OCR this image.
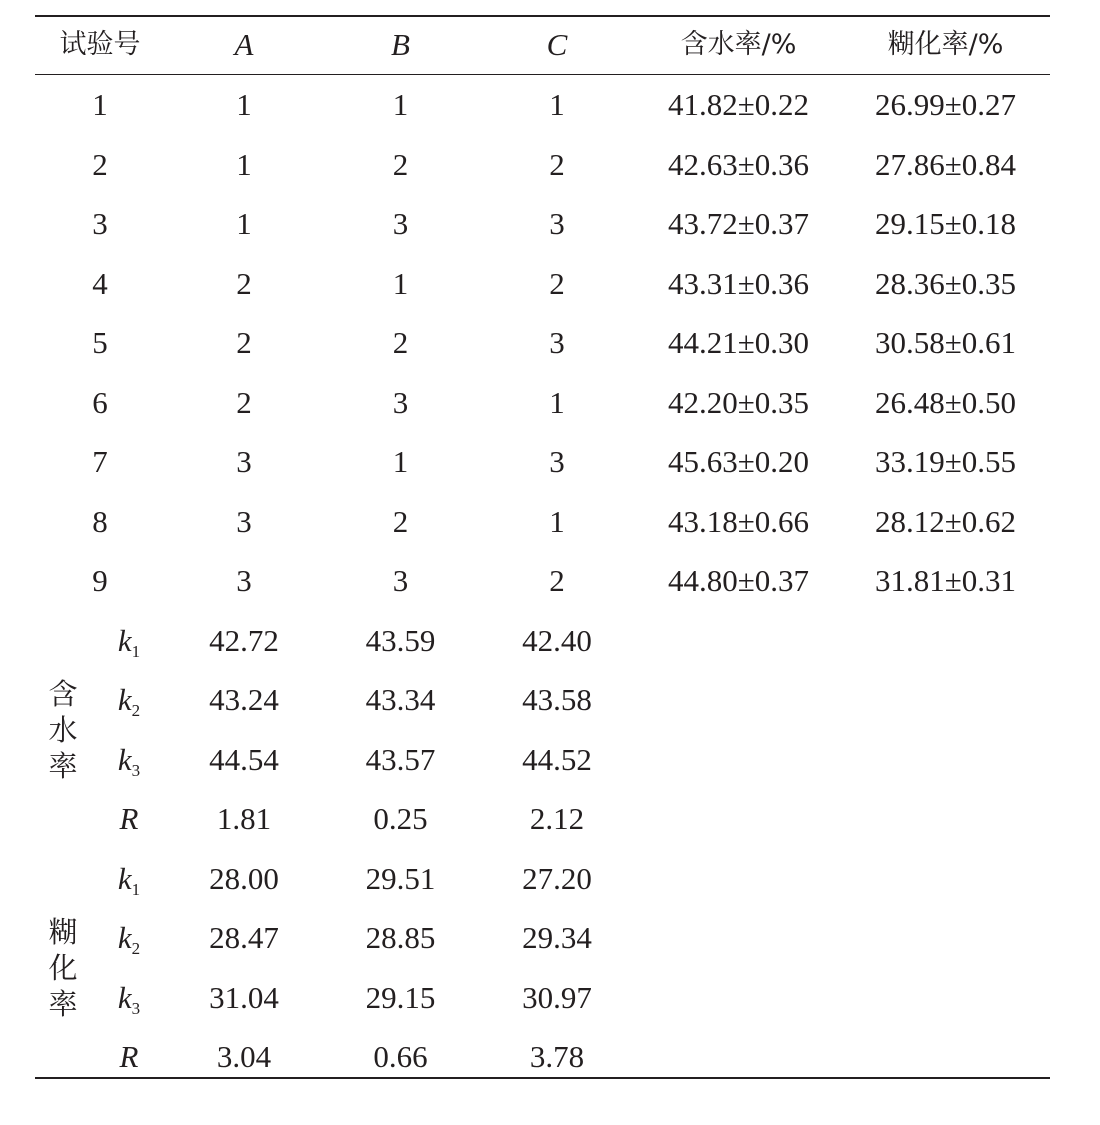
试验号	A	B	C	含水率/%	糊化率/%
1	1	1	1	41.82±0.22	26.99±0.27
2	1	2	2	42.63±0.36	27.86±0.84
3	1	3	3	43.72±0.37	29.15±0.18
4	2	1	2	43.31±0.36	28.36±0.35
5	2	2	3	44.21±0.30	30.58±0.61
6	2	3	1	42.20±0.35	26.48±0.50
7	3	1	3	45.63±0.20	33.19±0.55
8	3	2	1	43.18±0.66	28.12±0.62
9	3	3	2	44.80±0.37	31.81±0.31
含
水
率
$k_1$	42.72	43.59	42.40
$k_2$	43.24	43.34	43.58
$k_3$	44.54	43.57	44.52
R	1.81	0.25	2.12
糊
化
率
$k_1$	28.00	29.51	27.20
$k_2$	28.47	28.85	29.34
$k_3$	31.04	29.15	30.97
R	3.04	0.66	3.78
